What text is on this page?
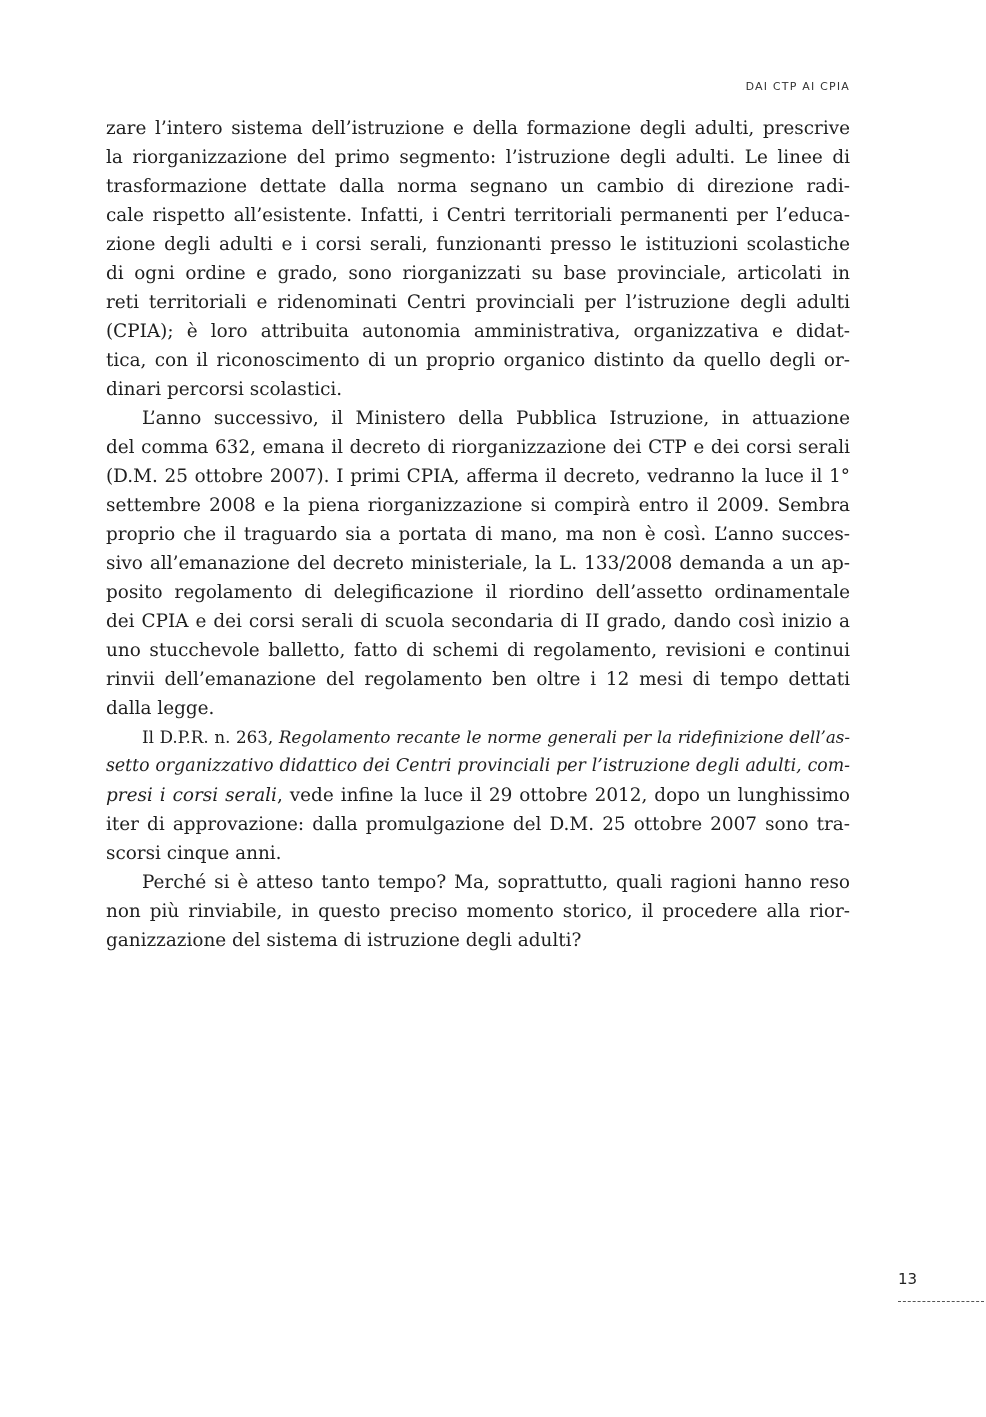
DAI CTP AI CPIA

zare l’intero sistema dell’istruzione e della formazione degli adulti, prescrive
la riorganizzazione del primo segmento: l’istruzione degli adulti. Le linee di
trasformazione dettate dalla norma segnano un cambio di direzione radi-
cale rispetto all’esistente. Infatti, i Centri territoriali permanenti per l’educa-
zione degli adulti e i corsi serali, funzionanti presso le istituzioni scolastiche
di ogni ordine e grado, sono riorganizzati su base provinciale, articolati in
reti territoriali e ridenominati Centri provinciali per l’istruzione degli adulti
(CPIA); è loro attribuita autonomia amministrativa, organizzativa e didat-
tica, con il riconoscimento di un proprio organico distinto da quello degli or-
dinari percorsi scolastici.

L’anno successivo, il Ministero della Pubblica Istruzione, in attuazione
del comma 632, emana il decreto di riorganizzazione dei CTP e dei corsi serali
(D.M. 25 ottobre 2007). I primi CPIA, afferma il decreto, vedranno la luce il 1°
settembre 2008 e la piena riorganizzazione si compirà entro il 2009. Sembra
proprio che il traguardo sia a portata di mano, ma non è così. L’anno succes-
sivo all’emanazione del decreto ministeriale, la L. 133/2008 demanda a un ap-
posito regolamento di delegificazione il riordino dell’assetto ordinamentale
dei CPIA e dei corsi serali di scuola secondaria di II grado, dando così inizio a
uno stucchevole balletto, fatto di schemi di regolamento, revisioni e continui
rinvii dell’emanazione del regolamento ben oltre i 12 mesi di tempo dettati
dalla legge.

Il D.P.R. n. 263, Regolamento recante le norme generali per la ridefinizione dell’as-
setto organizzativo didattico dei Centri provinciali per l’istruzione degli adulti, com-
presi i corsi serali, vede infine la luce il 29 ottobre 2012, dopo un lunghissimo
iter di approvazione: dalla promulgazione del D.M. 25 ottobre 2007 sono tra-
scorsi cinque anni.

Perché si è atteso tanto tempo? Ma, soprattutto, quali ragioni hanno reso
non più rinviabile, in questo preciso momento storico, il procedere alla rior-
ganizzazione del sistema di istruzione degli adulti?

13
